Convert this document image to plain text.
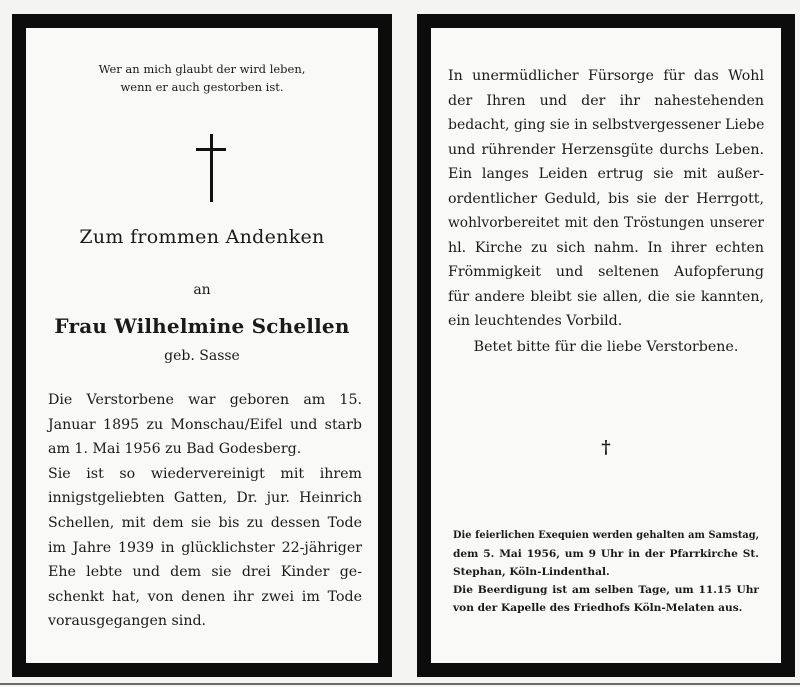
Wer an mich glaubt der wird leben,
wenn er auch gestorben ist.
Zum frommen Andenken
an
Frau Wilhelmine Schellen
geb. Sasse
Die Verstorbene war geboren am 15.
Januar 1895 zu Monschau/Eifel und starb
am 1. Mai 1956 zu Bad Godesberg.
Sie ist so wiedervereinigt mit ihrem
innigstgeliebten Gatten, Dr. jur. Heinrich
Schellen, mit dem sie bis zu dessen Tode
im Jahre 1939 in glücklichster 22-jähriger
Ehe lebte und dem sie drei Kinder ge-
schenkt hat, von denen ihr zwei im Tode
vorausgegangen sind.
In unermüdlicher Fürsorge für das Wohl
der Ihren und der ihr nahestehenden
bedacht, ging sie in selbstvergessener Liebe
und rührender Herzensgüte durchs Leben.
Ein langes Leiden ertrug sie mit außer-
ordentlicher Geduld, bis sie der Herrgott,
wohlvorbereitet mit den Tröstungen unserer
hl. Kirche zu sich nahm. In ihrer echten
Frömmigkeit und seltenen Aufopferung
für andere bleibt sie allen, die sie kannten,
ein leuchtendes Vorbild.
Betet bitte für die liebe Verstorbene.
†
Die feierlichen Exequien werden gehalten am Samstag,
dem 5. Mai 1956, um 9 Uhr in der Pfarrkirche St.
Stephan, Köln-Lindenthal.
Die Beerdigung ist am selben Tage, um 11.15 Uhr
von der Kapelle des Friedhofs Köln-Melaten aus.
